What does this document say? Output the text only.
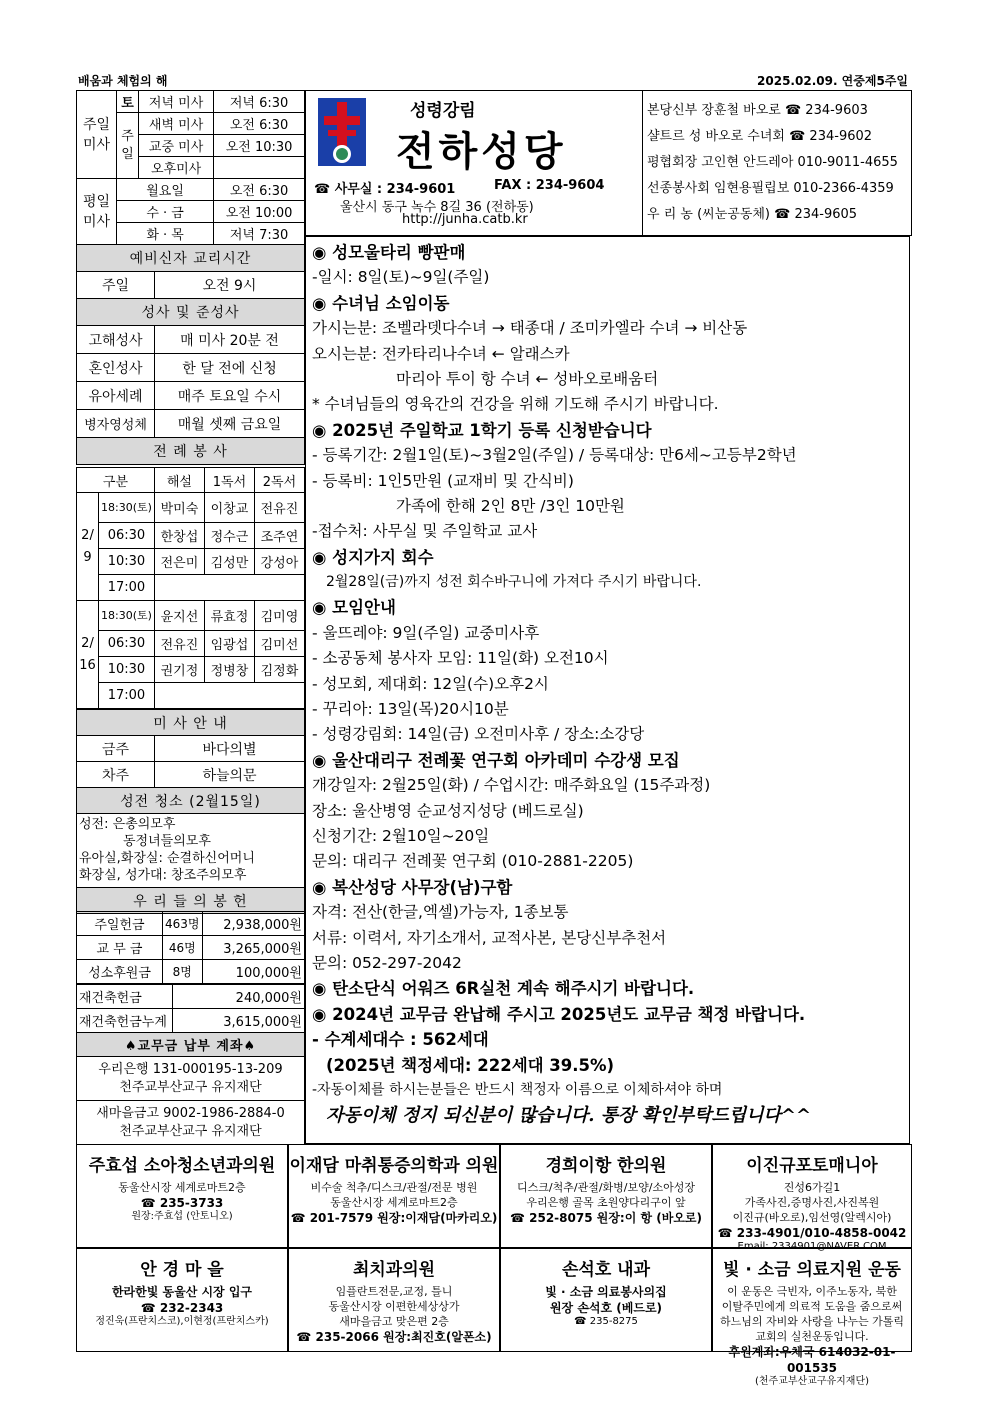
배움과 체험의 해	2025.02.09. 연중제5주일
주일미사	토	저녁 미사	저녁 6:30
	주일	새벽 미사	오전 6:30
		교중 미사	오전 10:30
		오후미사	
평일미사	월요일		오전 6:30
	수 · 금		오전 10:00
	화 · 목		저녁 7:30
성령강림
전하성당
☎ 사무실 : 234-9601	FAX : 234-9604
울산시 동구 녹수 8길 36 (전하동)
http://junha.catb.kr
본당신부 장훈철 바오로 ☎ 234-9603
샬트르 성 바오로 수녀회 ☎ 234-9602
평협회장 고인현 안드레아 010-9011-4655
선종봉사회 임현용필립보 010-2366-4359
우 리 농 (씨눈공동체) ☎ 234-9605
예비신자 교리시간	
주일	오전 9시
성사 및 준성사	
고해성사	매 미사 20분 전
혼인성사	한 달 전에 신청
유아세례	매주 토요일 수시
병자영성체	매월 셋째 금요일
전 례 봉 사	
구분		해설	1독서	2독서
2/9	18:30(토)	박미숙	이창교	전유진
	06:30	한창섭	정수근	조주연
	10:30	전은미	김성만	강성아
	17:00			
2/16	18:30(토)	윤지선	류효정	김미영
	06:30	전유진	임광섭	김미선
	10:30	권기정	정병창	김정화
	17:00			
미 사 안 내	
금주	바다의별
차주	하늘의문
성전 청소 (2월15일)	

성전: 은총의모후
동정녀들의모후
유아실,화장실: 순결하신어머니
화장실, 성가대: 창조주의모후	

우 리 들 의 봉 헌	
주일헌금	463명	2,938,000원
교 무 금	46명	3,265,000원
성소후원금	8명	100,000원
재건축헌금	240,000원
재건축헌금누계	3,615,000원
♠교무금 납부 계좌♠

우리은행 131-000195-13-209
천주교부산교구 유지재단

새마을금고 9002-1986-2884-0
천주교부산교구 유지재단
◉ 성모울타리 빵판매
-일시: 8일(토)~9일(주일)
◉ 수녀님 소임이동
가시는분: 조벨라뎃다수녀 → 태종대 / 조미카엘라 수녀 → 비산동
오시는분: 전카타리나수녀 ← 알래스카
마리아 투이 항 수녀 ← 성바오로배움터
* 수녀님들의 영육간의 건강을 위해 기도해 주시기 바랍니다.
◉ 2025년 주일학교 1학기 등록 신청받습니다
- 등록기간: 2월1일(토)~3월2일(주일) / 등록대상: 만6세~고등부2학년
- 등록비: 1인5만원 (교재비 및 간식비)
가족에 한해 2인 8만 /3인 10만원
-접수처: 사무실 및 주일학교 교사
◉ 성지가지 회수
2월28일(금)까지 성전 회수바구니에 가져다 주시기 바랍니다.
◉ 모임안내
- 울뜨레야: 9일(주일) 교중미사후
- 소공동체 봉사자 모임: 11일(화) 오전10시
- 성모회, 제대회: 12일(수)오후2시
- 꾸리아: 13일(목)20시10분
- 성령강림회: 14일(금) 오전미사후 / 장소:소강당
◉ 울산대리구 전례꽃 연구회 아카데미 수강생 모집
개강일자: 2월25일(화) / 수업시간: 매주화요일 (15주과정)
장소: 울산병영 순교성지성당 (베드로실)
신청기간: 2월10일~20일
문의: 대리구 전례꽃 연구회 (010-2881-2205)
◉ 복산성당 사무장(남)구함
자격: 전산(한글,엑셀)가능자, 1종보통
서류: 이력서, 자기소개서, 교적사본, 본당신부추천서
문의: 052-297-2042
◉ 탄소단식 어워즈 6R실천 계속 해주시기 바랍니다.
◉ 2024년 교무금 완납해 주시고 2025년도 교무금 책정 바랍니다.
- 수계세대수 : 562세대
(2025년 책정세대: 222세대 39.5%)
-자동이체를 하시는분들은 반드시 책정자 이름으로 이체하셔야 하며
자동이체 정지 되신분이 많습니다. 통장 확인부탁드립니다^^
주효섭 소아청소년과의원
동울산시장 세계로마트2층
☎ 235-3733
원장:주효섭 (안토니오)
이재담 마취통증의학과 의원
비수술 척추/디스크/관절/전문 병원
동울산시장 세계로마트2층
☎ 201-7579 원장:이재담(마카리오)
경희이항 한의원
디스크/척추/관절/화병/보양/소아성장
우리은행 골목 초원양다리구이 앞
☎ 252-8075 원장:이 항 (바오로)
이진규포토매니아
진성6가길1
가족사진,증명사진,사진복원
이진규(바오로),임선영(알렉시아)
☎ 233-4901/010-4858-0042
Email: 2334901@NAVER.COM
안 경 마 을
한라한빛 동울산 시장 입구
☎ 232-2343
정진욱(프란치스코),이현정(프란치스카)
최치과의원
임플란트전문,교정, 틀니
동울산시장 이편한세상상가
새마을금고 맞은편 2층
☎ 235-2066 원장:최진호(알폰소)
손석호 내과
빛 · 소금 의료봉사의집
원장 손석호 (베드로)
☎ 235-8275
빛 · 소금 의료지원 운동
이 운동은 극빈자, 이주노동자, 북한
이탈주민에게 의료적 도움을 줌으로써
하느님의 자비와 사랑을 나누는 가톨릭
교회의 실천운동입니다.
후원계좌:우체국 614032-01-001535
(천주교부산교구유지재단)
